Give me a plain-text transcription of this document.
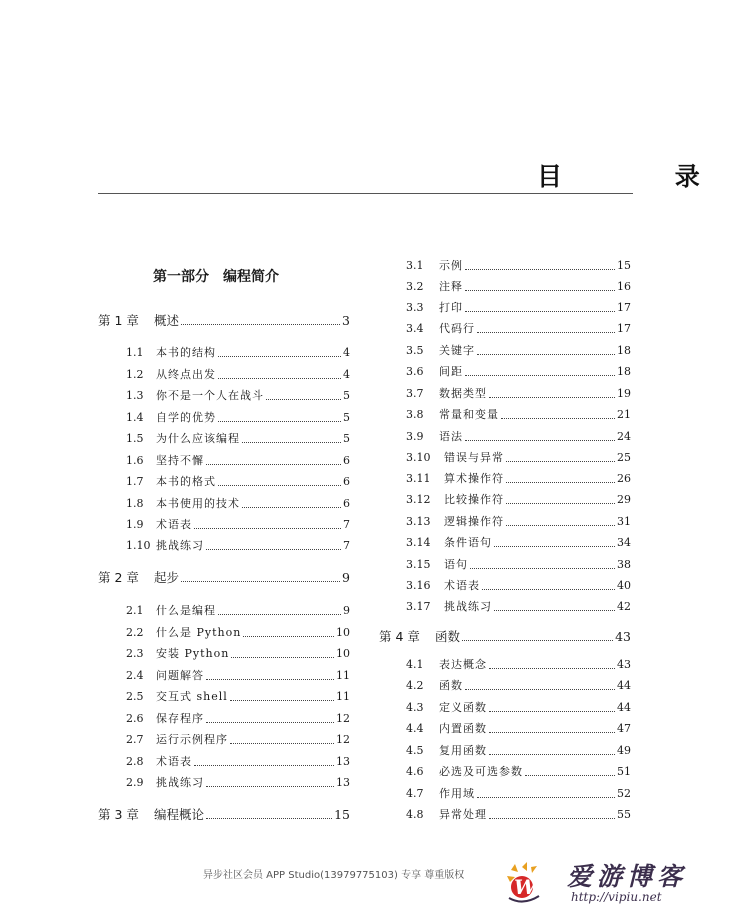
目 录
第一部分　编程简介
第 1 章	概述	3
1.1	本书的结构	4
1.2	从终点出发	4
1.3	你不是一个人在战斗	5
1.4	自学的优势	5
1.5	为什么应该编程	5
1.6	坚持不懈	6
1.7	本书的格式	6
1.8	本书使用的技术	6
1.9	术语表	7
1.10 挑战练习	7
第 2 章	起步	9
2.1	什么是编程	9
2.2	什么是 Python	10
2.3	安装 Python	10
2.4	问题解答	11
2.5	交互式 shell	11
2.6	保存程序	12
2.7	运行示例程序	12
2.8	术语表	13
2.9	挑战练习	13
第 3 章	编程概论	15
3.1	示例	15
3.2	注释	16
3.3	打印	17
3.4	代码行	17
3.5	关键字	18
3.6	间距	18
3.7	数据类型	19
3.8	常量和变量	21
3.9	语法	24
3.10	错误与异常	25
3.11	算术操作符	26
3.12	比较操作符	29
3.13	逻辑操作符	31
3.14	条件语句	34
3.15	语句	38
3.16	术语表	40
3.17	挑战练习	42
第 4 章	函数	43
4.1	表达概念	43
4.2	函数	44
4.3	定义函数	44
4.4	内置函数	47
4.5	复用函数	49
4.6	必选及可选参数	51
4.7	作用域	52
4.8	异常处理	55
异步社区会员 APP Studio(13979775103) 专享 尊重版权 W 爱游博客
http://vipiu.net
